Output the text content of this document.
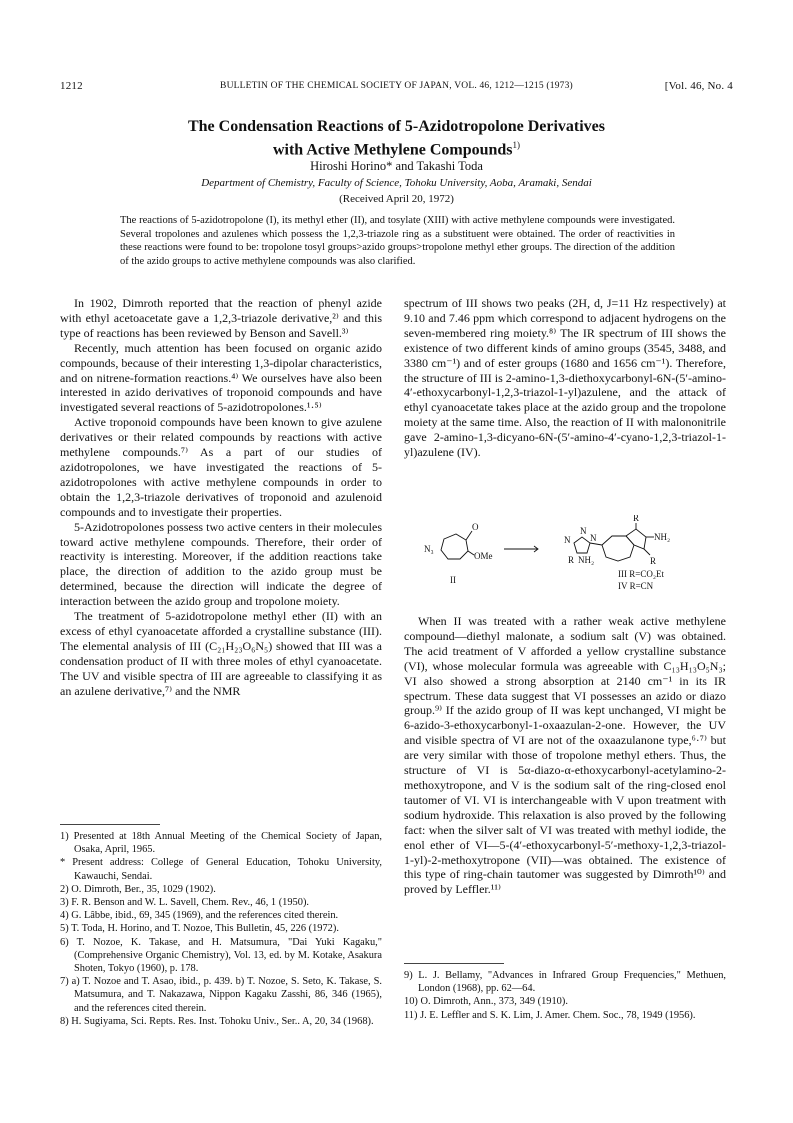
1212	BULLETIN OF THE CHEMICAL SOCIETY OF JAPAN, VOL. 46, 1212—1215 (1973)	[Vol. 46, No. 4
The Condensation Reactions of 5-Azidotropolone Derivatives
with Active Methylene Compounds$^{1)}$
Hiroshi Horino* and Takashi Toda
Department of Chemistry, Faculty of Science, Tohoku University, Aoba, Aramaki, Sendai
(Received April 20, 1972)
The reactions of 5-azidotropolone (I), its methyl ether (II), and tosylate (XIII) with active methylene compounds were investigated. Several tropolones and azulenes which possess the 1,2,3-triazole ring as a substituent were obtained. The order of reactivities in these reactions were found to be: tropolone tosyl groups>azido groups>tropolone methyl ether groups. The direction of the addition of the azido groups to active methylene compounds was also clarified.

In 1902, Dimroth reported that the reaction of phenyl azide with ethyl acetoacetate gave a 1,2,3-triazole derivative,²⁾ and this type of reactions has been reviewed by Benson and Savell.³⁾

Recently, much attention has been focused on organic azido compounds, because of their interesting 1,3-dipolar characteristics, and on nitrene-formation reactions.⁴⁾ We ourselves have also been interested in azido derivatives of troponoid compounds and have investigated several reactions of 5-azidotropolones.¹·⁵⁾

Active troponoid compounds have been known to give azulene derivatives or their related compounds by reactions with active methylene compounds.⁷⁾ As a part of our studies of azidotropolones, we have investigated the reactions of 5-azidotropolones with active methylene compounds in order to obtain the 1,2,3-triazole derivatives of troponoid and azulenoid compounds and to investigate their properties.

5-Azidotropolones possess two active centers in their molecules toward active methylene compounds. Therefore, their order of reactivity is interesting. Moreover, if the addition reactions take place, the direction of addition to the azido group must be determined, because the direction will indicate the degree of interaction between the azido group and tropolone moiety.

The treatment of 5-azidotropolone methyl ether (II) with an excess of ethyl cyanoacetate afforded a crystalline substance (III). The elemental analysis of III (C₂₁H₂₃O₆N₅) showed that III was a condensation product of II with three moles of ethyl cyanoacetate. The UV and visible spectra of III are agreeable to classifying it as an azulene derivative,⁷⁾ and the NMR

1) Presented at 18th Annual Meeting of the Chemical Society of Japan, Osaka, April, 1965.
* Present address: College of General Education, Tohoku University, Kawauchi, Sendai.
2) O. Dimroth, Ber., 35, 1029 (1902).
3) F. R. Benson and W. L. Savell, Chem. Rev., 46, 1 (1950).
4) G. Lâbbe, ibid., 69, 345 (1969), and the references cited therein.
5) T. Toda, H. Horino, and T. Nozoe, This Bulletin, 45, 226 (1972).
6) T. Nozoe, K. Takase, and H. Matsumura, "Dai Yuki Kagaku," (Comprehensive Organic Chemistry), Vol. 13, ed. by M. Kotake, Asakura Shoten, Tokyo (1960), p. 178.
7) a) T. Nozoe and T. Asao, ibid., p. 439. b) T. Nozoe, S. Seto, K. Takase, S. Matsumura, and T. Nakazawa, Nippon Kagaku Zasshi, 86, 346 (1965), and the references cited therein.
8) H. Sugiyama, Sci. Repts. Res. Inst. Tohoku Univ., Ser.. A, 20, 34 (1968).

spectrum of III shows two peaks (2H, d, J=11 Hz respectively) at 9.10 and 7.46 ppm which correspond to adjacent hydrogens on the seven-membered ring moiety.⁸⁾ The IR spectrum of III shows the existence of two different kinds of amino groups (3545, 3488, and 3380 cm⁻¹) and of ester groups (1680 and 1656 cm⁻¹). Therefore, the structure of III is 2-amino-1,3-diethoxycarbonyl-6N-(5′-amino-4′-ethoxycarbonyl-1,2,3-triazol-1-yl)azulene, and the attack of ethyl cyanoacetate takes place at the azido group and the tropolone moiety at the same time. Also, the reaction of II with malononitrile gave 2-amino-1,3-dicyano-6N-(5′-amino-4′-cyano-1,2,3-triazol-1-yl)azulene (IV).

N₃
O
OMe
II
R
NH₂
N
N N
R NH₂	R
III R=CO₂Et
IV R=CN

When II was treated with a rather weak active methylene compound—diethyl malonate, a sodium salt (V) was obtained. The acid treatment of V afforded a yellow crystalline substance (VI), whose molecular formula was agreeable with C₁₃H₁₃O₅N₃; VI also showed a strong absorption at 2140 cm⁻¹ in its IR spectrum. These data suggest that VI possesses an azido or diazo group.⁹⁾ If the azido group of II was kept unchanged, VI might be 6-azido-3-ethoxycarbonyl-1-oxaazulan-2-one. However, the UV and visible spectra of VI are not of the oxaazulanone type,⁶·⁷⁾ but are very similar with those of tropolone methyl ethers. Thus, the structure of VI is 5α-diazo-α-ethoxycarbonyl-acetylamino-2-methoxytropone, and V is the sodium salt of the ring-closed enol tautomer of VI. VI is interchangeable with V upon treatment with sodium hydroxide. This relaxation is also proved by the following fact: when the silver salt of VI was treated with methyl iodide, the enol ether of VI—5-(4′-ethoxycarbonyl-5′-methoxy-1,2,3-triazol-1-yl)-2-methoxytropone (VII)—was obtained. The existence of this type of ring-chain tautomer was suggested by Dimroth¹⁰⁾ and proved by Leffler.¹¹⁾

9) L. J. Bellamy, "Advances in Infrared Group Frequencies," Methuen, London (1968), pp. 62—64.
10) O. Dimroth, Ann., 373, 349 (1910).
11) J. E. Leffler and S. K. Lim, J. Amer. Chem. Soc., 78, 1949 (1956).
